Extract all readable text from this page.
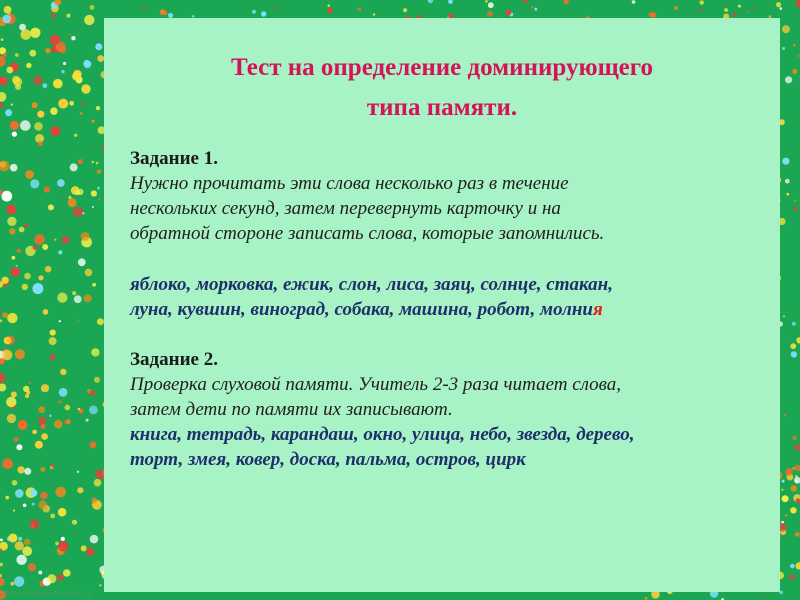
Тест на определение доминирующего
типа памяти.
Задание 1.
Нужно прочитать эти слова несколько раз в течение
нескольких секунд, затем перевернуть карточку и на
обратной стороне записать слова, которые запомнились.
яблоко, морковка, ежик, слон, лиса, заяц, солнце, стакан,
луна, кувшин, виноград, собака, машина, робот, молния
Задание 2.
Проверка слуховой памяти. Учитель 2-3 раза читает слова,
затем дети по памяти их записывают.
книга, тетрадь, карандаш, окно, улица, небо, звезда, дерево,
торт, змея, ковер, доска, пальма, остров, цирк
http://linda6035.ucoz.ru/
